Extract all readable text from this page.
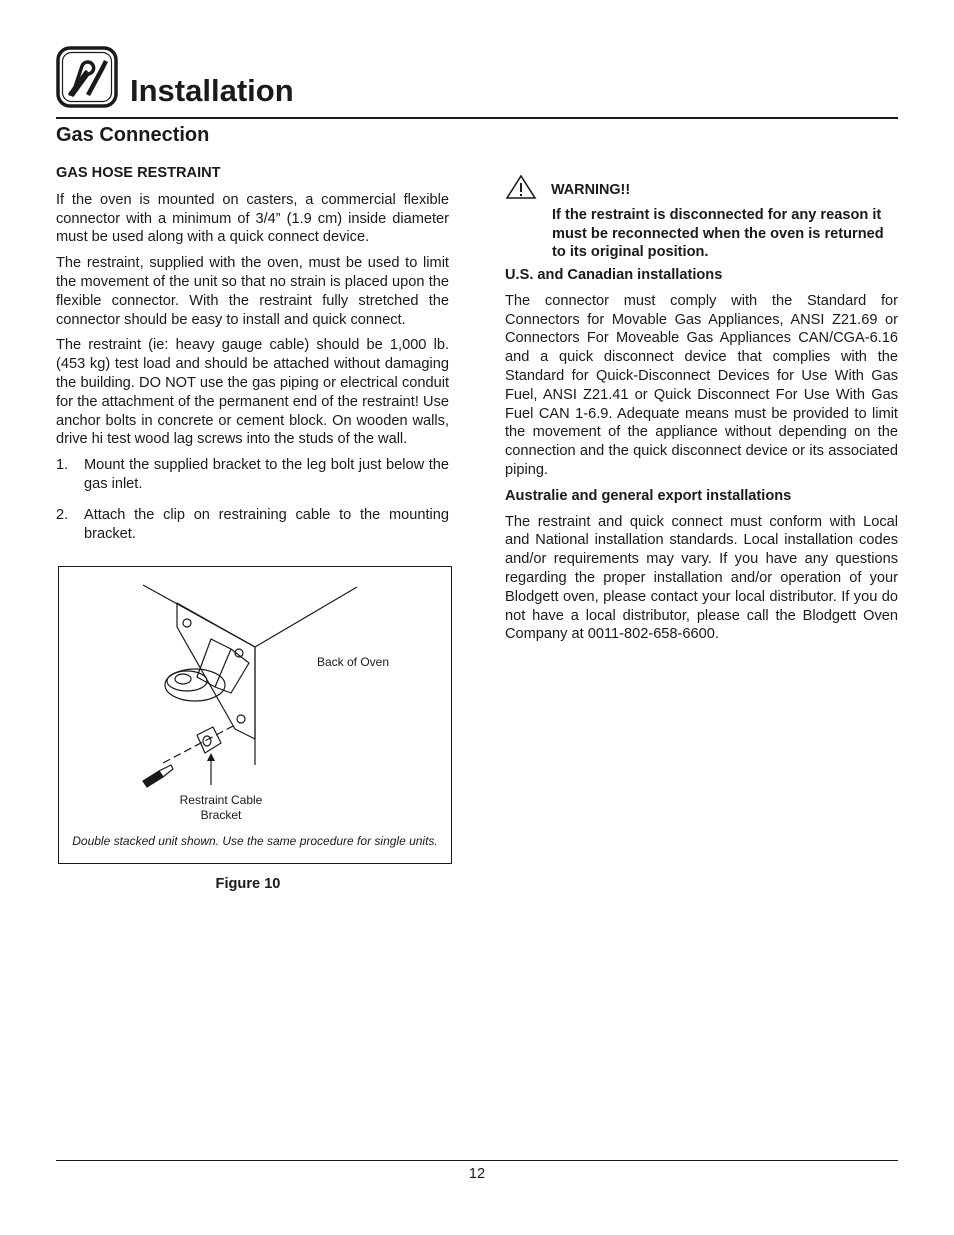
Installation
Gas Connection
GAS HOSE RESTRAINT

If the oven is mounted on casters, a commercial flexible connector with a minimum of 3/4” (1.9 cm) inside diameter must be used along with a quick connect device.

The restraint, supplied with the oven, must be used to limit the movement of the unit so that no strain is placed upon the flexible connector. With the restraint fully stretched the connector should be easy to install and quick connect.

The restraint (ie: heavy gauge cable) should be 1,000 lb. (453 kg) test load and should be attached without damaging the building. DO NOT use the gas piping or electrical conduit for the attachment of the permanent end of the restraint! Use anchor bolts in concrete or cement block. On wooden walls, drive hi test wood lag screws into the studs of the wall.

1. Mount the supplied bracket to the leg bolt just below the gas inlet.
2. Attach the clip on restraining cable to the mounting bracket.
Back of Oven
Restraint Cable Bracket
Double stacked unit shown. Use the same procedure for single units.
Figure 10
WARNING!!
If the restraint is disconnected for any reason it must be reconnected when the oven is returned to its original position.
U.S. and Canadian installations

The connector must comply with the Standard for Connectors for Movable Gas Appliances, ANSI Z21.69 or Connectors For Moveable Gas Appliances CAN/CGA-6.16 and a quick disconnect device that complies with the Standard for Quick-Disconnect Devices for Use With Gas Fuel, ANSI Z21.41 or Quick Disconnect For Use With Gas Fuel CAN 1-6.9. Adequate means must be provided to limit the movement of the appliance without depending on the connection and the quick disconnect device or its associated piping.

Australie and general export installations

The restraint and quick connect must conform with Local and National installation standards. Local installation codes and/or requirements may vary. If you have any questions regarding the proper installation and/or operation of your Blodgett oven, please contact your local distributor. If you do not have a local distributor, please call the Blodgett Oven Company at 0011-802-658-6600.

12
